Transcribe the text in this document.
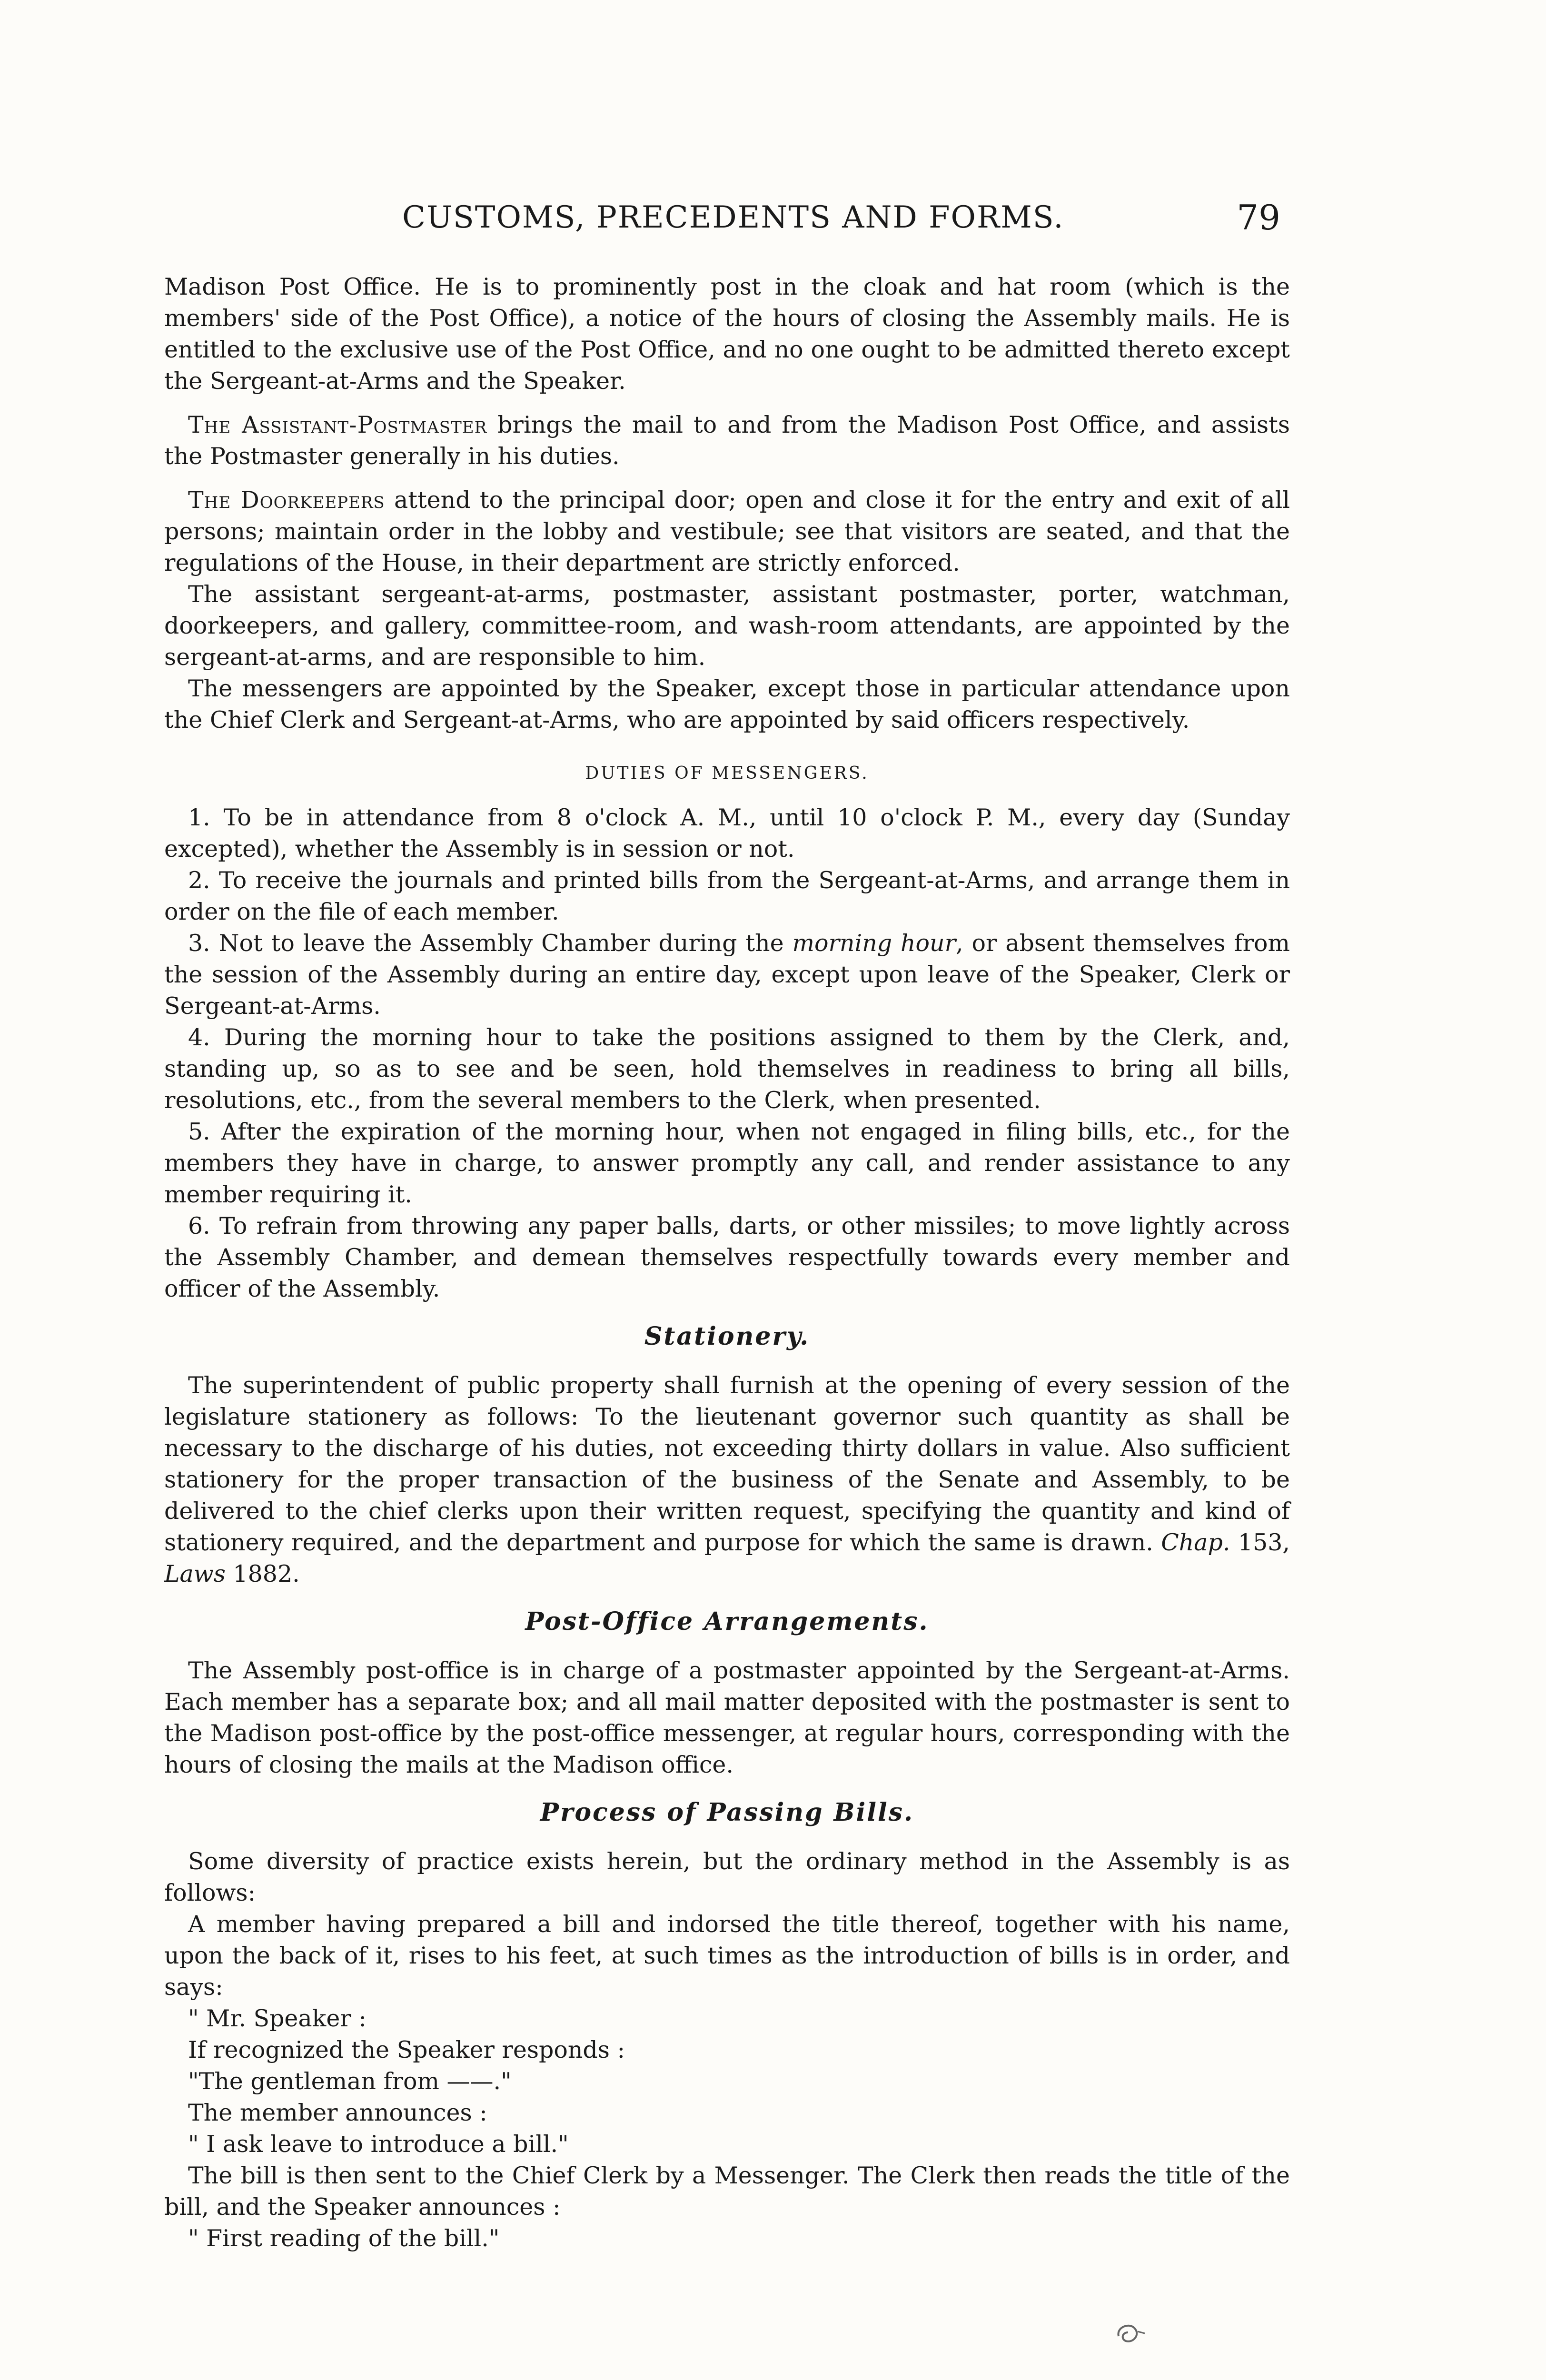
CUSTOMS, PRECEDENTS AND FORMS.	79

Madison Post Office. He is to prominently post in the cloak and hat room (which is the members' side of the Post Office), a notice of the hours of closing the Assembly mails. He is entitled to the exclusive use of the Post Office, and no one ought to be admitted thereto except the Sergeant-at-Arms and the Speaker.

The Assistant-Postmaster brings the mail to and from the Madison Post Office, and assists the Postmaster generally in his duties.

The Doorkeepers attend to the principal door; open and close it for the entry and exit of all persons; maintain order in the lobby and vestibule; see that visitors are seated, and that the regulations of the House, in their department are strictly enforced.

The assistant sergeant-at-arms, postmaster, assistant postmaster, porter, watchman, doorkeepers, and gallery, committee-room, and wash-room attendants, are appointed by the sergeant-at-arms, and are responsible to him.

The messengers are appointed by the Speaker, except those in particular attendance upon the Chief Clerk and Sergeant-at-Arms, who are appointed by said officers respectively.

DUTIES OF MESSENGERS.
1. To be in attendance from 8 o'clock A. M., until 10 o'clock P. M., every day (Sunday excepted), whether the Assembly is in session or not.
2. To receive the journals and printed bills from the Sergeant-at-Arms, and arrange them in order on the file of each member.
3. Not to leave the Assembly Chamber during the morning hour, or absent themselves from the session of the Assembly during an entire day, except upon leave of the Speaker, Clerk or Sergeant-at-Arms.
4. During the morning hour to take the positions assigned to them by the Clerk, and, standing up, so as to see and be seen, hold themselves in readiness to bring all bills, resolutions, etc., from the several members to the Clerk, when presented.
5. After the expiration of the morning hour, when not engaged in filing bills, etc., for the members they have in charge, to answer promptly any call, and render assistance to any member requiring it.
6. To refrain from throwing any paper balls, darts, or other missiles; to move lightly across the Assembly Chamber, and demean themselves respectfully towards every member and officer of the Assembly.
Stationery.

The superintendent of public property shall furnish at the opening of every session of the legislature stationery as follows: To the lieutenant governor such quantity as shall be necessary to the discharge of his duties, not exceeding thirty dollars in value. Also sufficient stationery for the proper transaction of the business of the Senate and Assembly, to be delivered to the chief clerks upon their written request, specifying the quantity and kind of stationery required, and the department and purpose for which the same is drawn. Chap. 153, Laws 1882.

Post-Office Arrangements.

The Assembly post-office is in charge of a postmaster appointed by the Sergeant-at-Arms. Each member has a separate box; and all mail matter deposited with the postmaster is sent to the Madison post-office by the post-office messenger, at regular hours, corresponding with the hours of closing the mails at the Madison office.

Process of Passing Bills.

Some diversity of practice exists herein, but the ordinary method in the Assembly is as follows:

A member having prepared a bill and indorsed the title thereof, together with his name, upon the back of it, rises to his feet, at such times as the introduction of bills is in order, and says:

" Mr. Speaker :
If recognized the Speaker responds :
"The gentleman from ——."
The member announces :
" I ask leave to introduce a bill."

The bill is then sent to the Chief Clerk by a Messenger. The Clerk then reads the title of the bill, and the Speaker announces :

" First reading of the bill."
